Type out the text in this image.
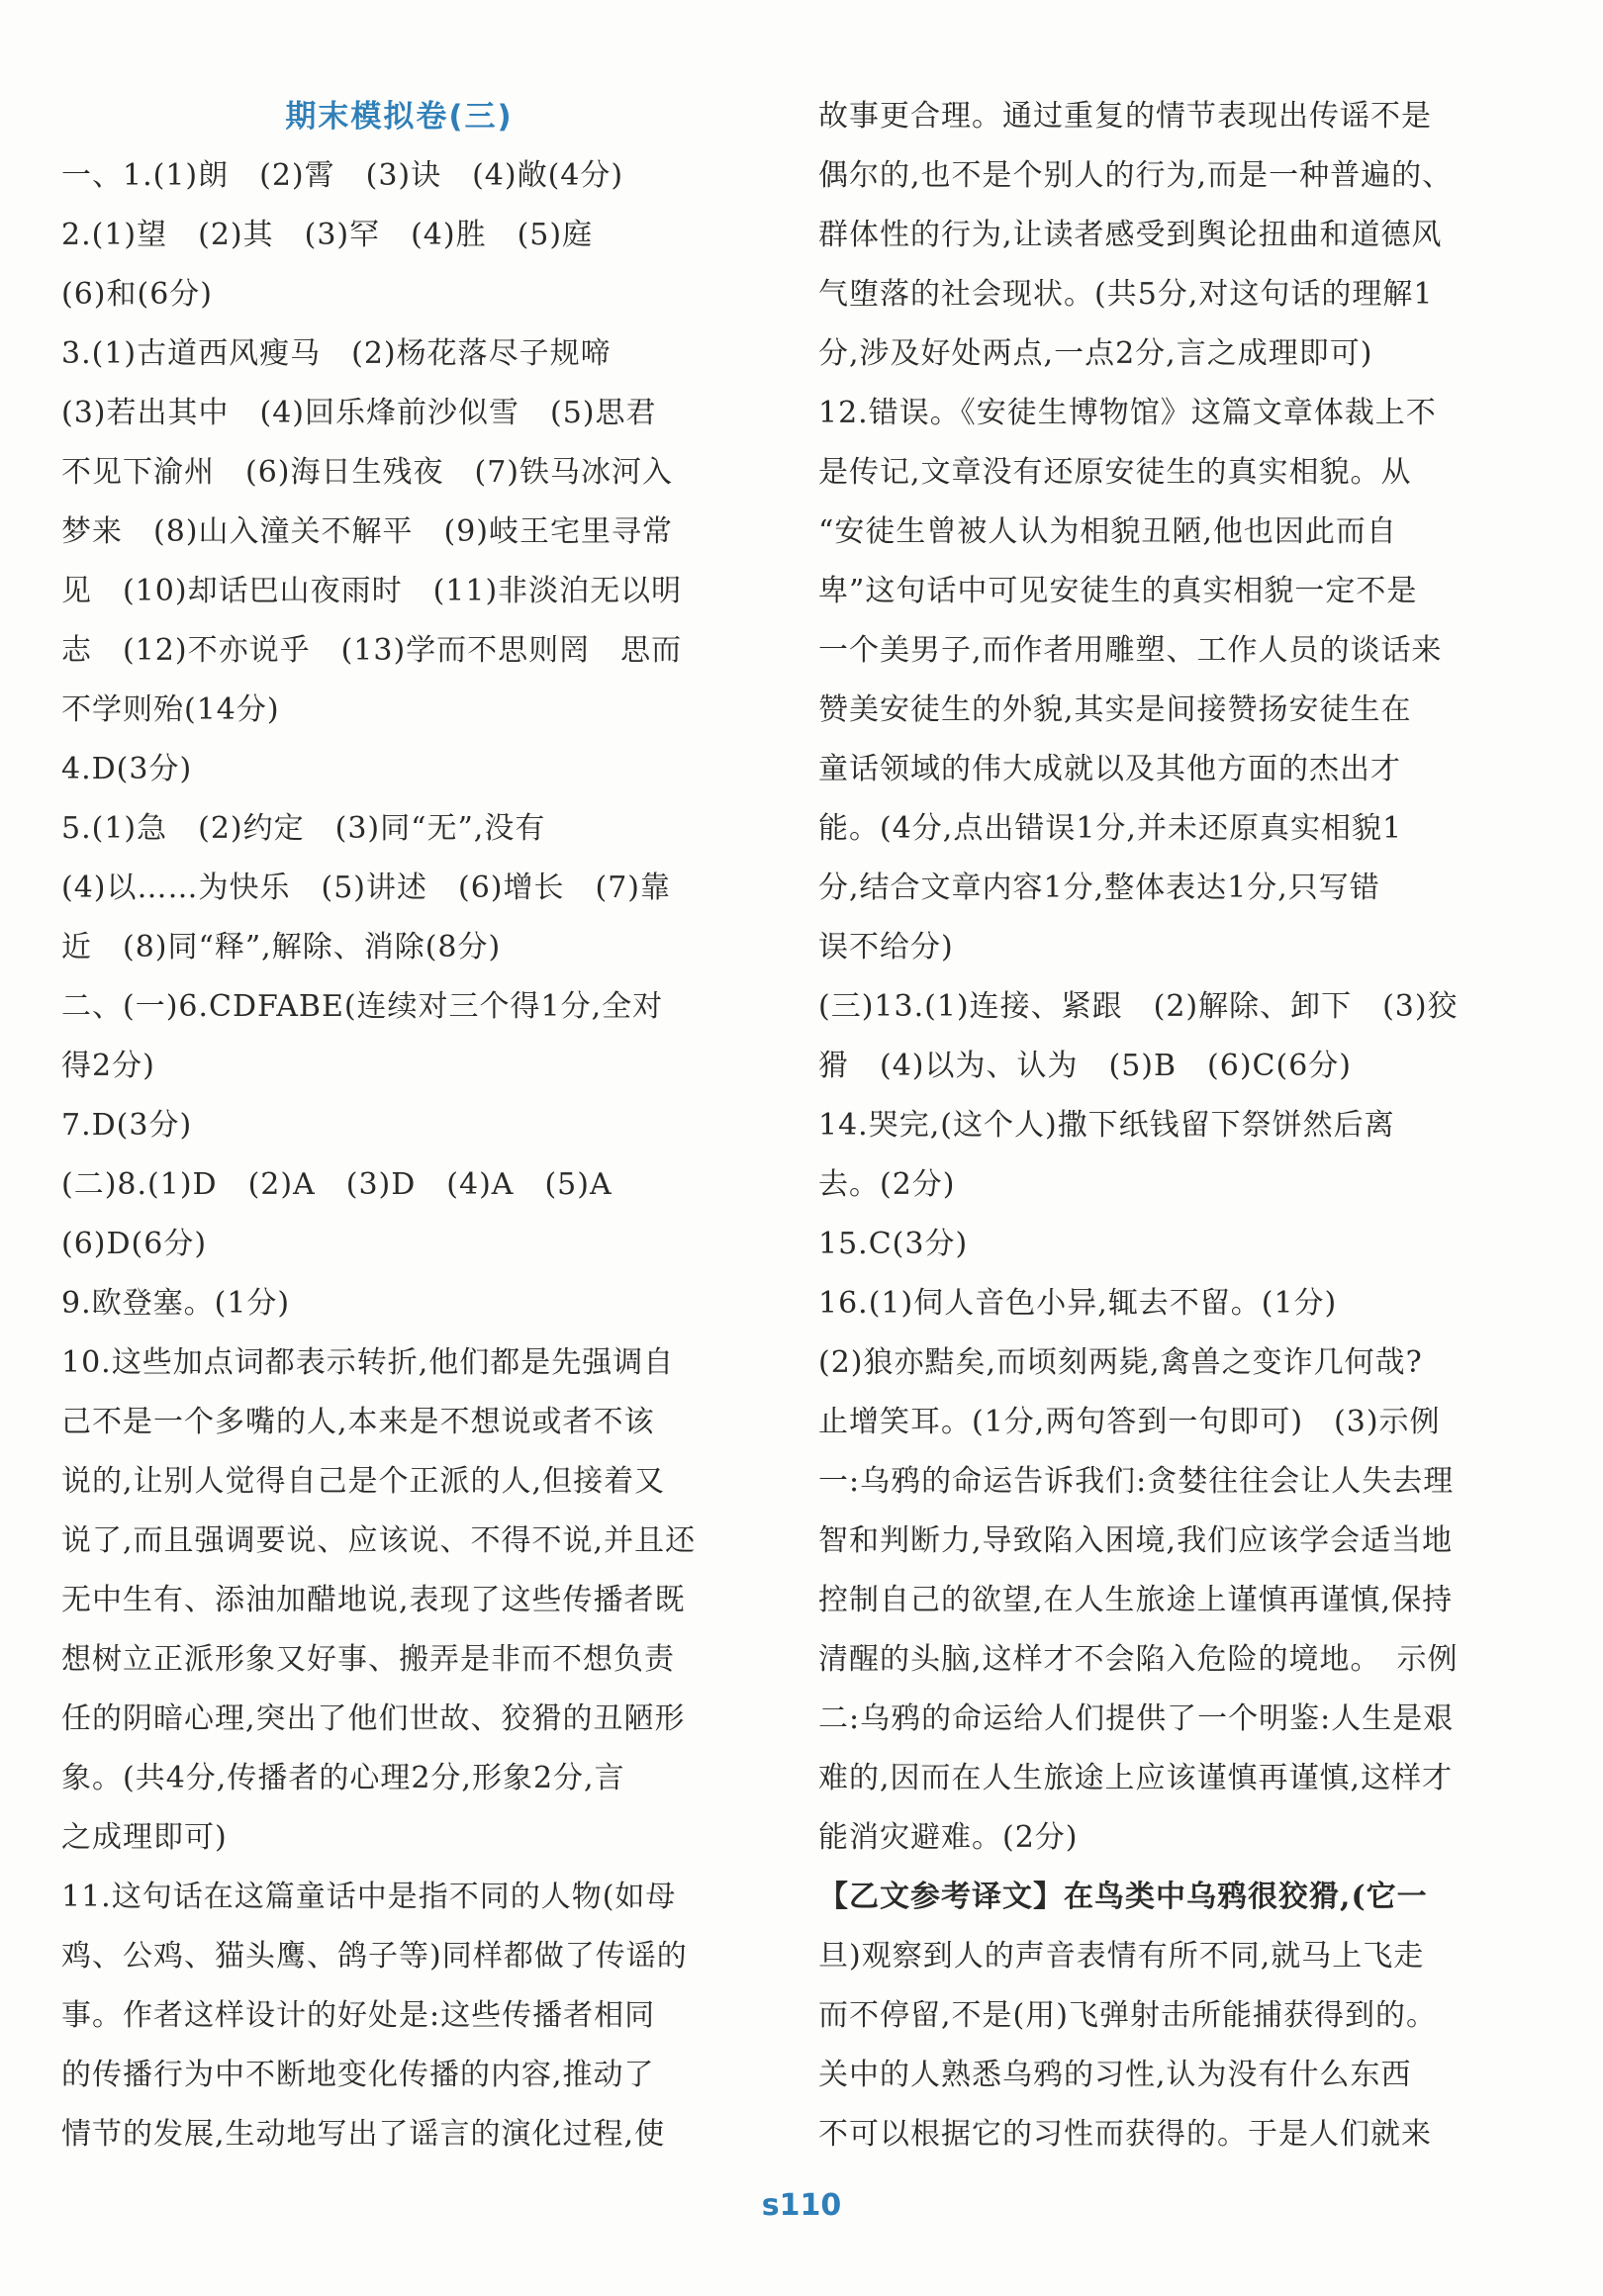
期末模拟卷(三)
一、1.(1)朗　(2)霄　(3)诀　(4)敞(4分)
2.(1)望　(2)其　(3)罕　(4)胜　(5)庭
(6)和(6分)
3.(1)古道西风瘦马　(2)杨花落尽子规啼
(3)若出其中　(4)回乐烽前沙似雪　(5)思君
不见下渝州　(6)海日生残夜　(7)铁马冰河入
梦来　(8)山入潼关不解平　(9)岐王宅里寻常
见　(10)却话巴山夜雨时　(11)非淡泊无以明
志　(12)不亦说乎　(13)学而不思则罔　思而
不学则殆(14分)
4.D(3分)
5.(1)急　(2)约定　(3)同“无”,没有
(4)以……为快乐　(5)讲述　(6)增长　(7)靠
近　(8)同“释”,解除、消除(8分)
二、(一)6.CDFABE(连续对三个得1分,全对
得2分)
7.D(3分)
(二)8.(1)D　(2)A　(3)D　(4)A　(5)A
(6)D(6分)
9.欧登塞。(1分)
10.这些加点词都表示转折,他们都是先强调自
己不是一个多嘴的人,本来是不想说或者不该
说的,让别人觉得自己是个正派的人,但接着又
说了,而且强调要说、应该说、不得不说,并且还
无中生有、添油加醋地说,表现了这些传播者既
想树立正派形象又好事、搬弄是非而不想负责
任的阴暗心理,突出了他们世故、狡猾的丑陋形
象。(共4分,传播者的心理2分,形象2分,言
之成理即可)
11.这句话在这篇童话中是指不同的人物(如母
鸡、公鸡、猫头鹰、鸽子等)同样都做了传谣的
事。作者这样设计的好处是:这些传播者相同
的传播行为中不断地变化传播的内容,推动了
情节的发展,生动地写出了谣言的演化过程,使
故事更合理。通过重复的情节表现出传谣不是
偶尔的,也不是个别人的行为,而是一种普遍的、
群体性的行为,让读者感受到舆论扭曲和道德风
气堕落的社会现状。(共5分,对这句话的理解1
分,涉及好处两点,一点2分,言之成理即可)
12.错误。《安徒生博物馆》这篇文章体裁上不
是传记,文章没有还原安徒生的真实相貌。从
“安徒生曾被人认为相貌丑陋,他也因此而自
卑”这句话中可见安徒生的真实相貌一定不是
一个美男子,而作者用雕塑、工作人员的谈话来
赞美安徒生的外貌,其实是间接赞扬安徒生在
童话领域的伟大成就以及其他方面的杰出才
能。(4分,点出错误1分,并未还原真实相貌1
分,结合文章内容1分,整体表达1分,只写错
误不给分)
(三)13.(1)连接、紧跟　(2)解除、卸下　(3)狡
猾　(4)以为、认为　(5)B　(6)C(6分)
14.哭完,(这个人)撒下纸钱留下祭饼然后离
去。(2分)
15.C(3分)
16.(1)伺人音色小异,辄去不留。(1分)
(2)狼亦黠矣,而顷刻两毙,禽兽之变诈几何哉?
止增笑耳。(1分,两句答到一句即可)　(3)示例
一:乌鸦的命运告诉我们:贪婪往往会让人失去理
智和判断力,导致陷入困境,我们应该学会适当地
控制自己的欲望,在人生旅途上谨慎再谨慎,保持
清醒的头脑,这样才不会陷入危险的境地。　示例
二:乌鸦的命运给人们提供了一个明鉴:人生是艰
难的,因而在人生旅途上应该谨慎再谨慎,这样才
能消灾避难。(2分)
【乙文参考译文】在鸟类中乌鸦很狡猾,(它一
旦)观察到人的声音表情有所不同,就马上飞走
而不停留,不是(用)飞弹射击所能捕获得到的。
关中的人熟悉乌鸦的习性,认为没有什么东西
不可以根据它的习性而获得的。于是人们就来
s110
